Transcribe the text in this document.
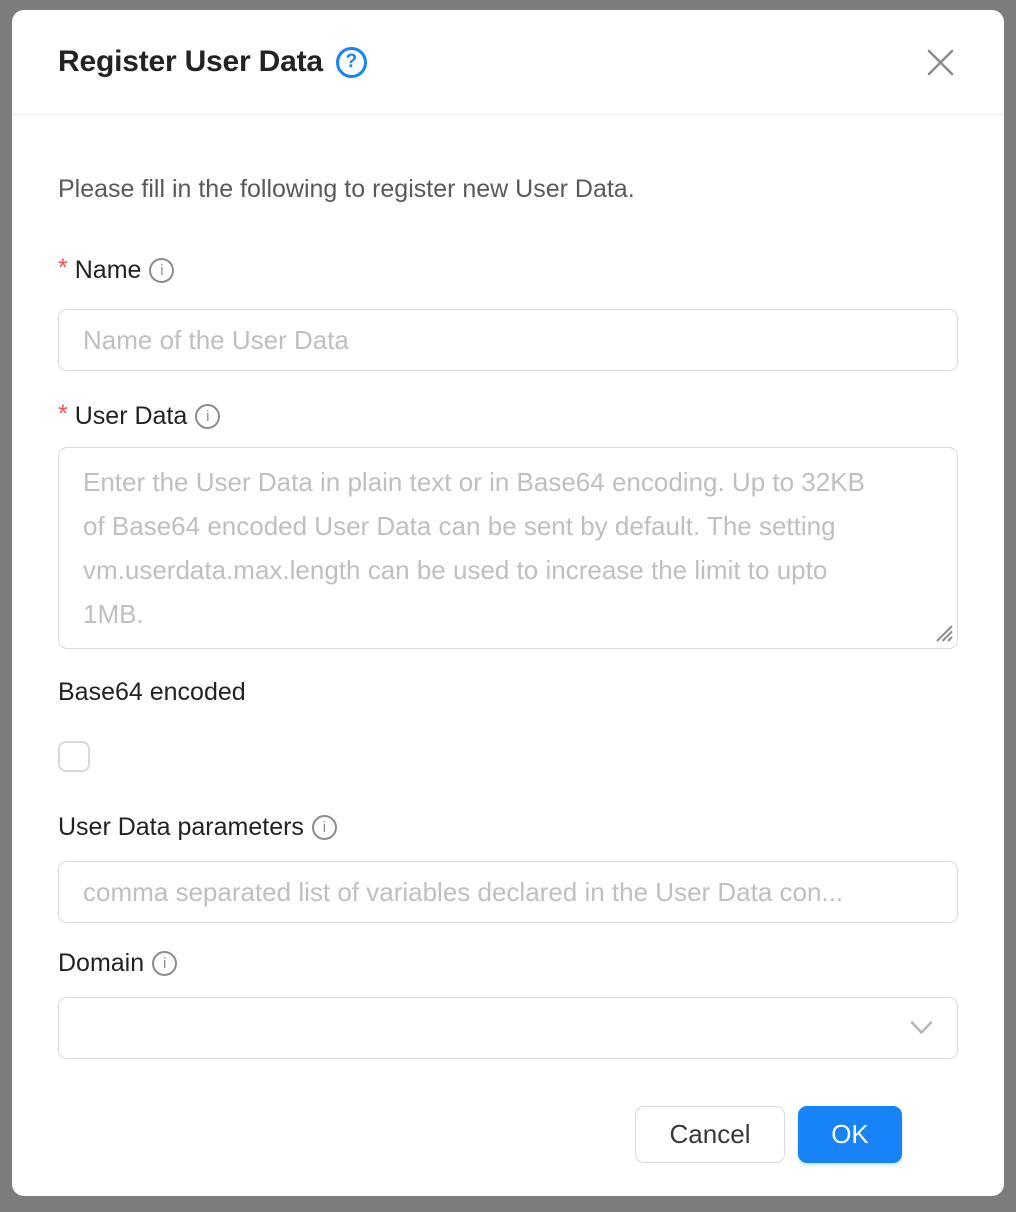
Register User Data	?
Please fill in the following to register new User Data.
* Name	i
Name of the User Data
* User Data	i
Enter the User Data in plain text or in Base64 encoding. Up to 32KB of Base64 encoded User Data can be sent by default. The setting vm.userdata.max.length can be used to increase the limit to upto 1MB.
Base64 encoded
User Data parameters	i
comma separated list of variables declared in the User Data con...
Domain	i
Cancel	OK
